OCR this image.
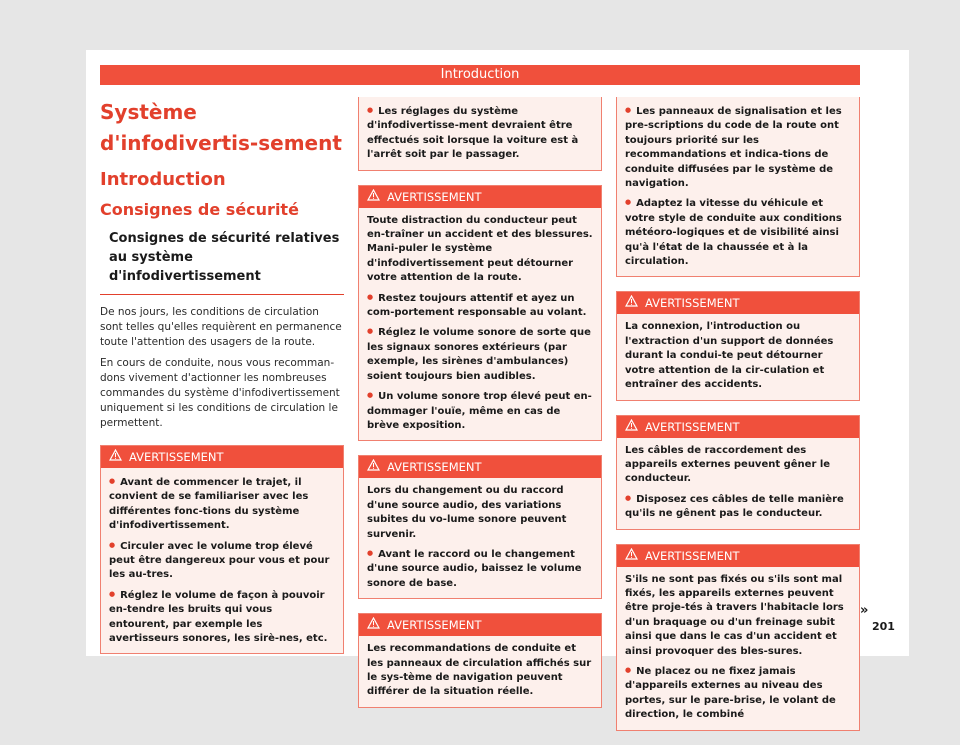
Introduction
Système d'infodivertis-sement
Introduction
Consignes de sécurité
Consignes de sécurité relatives au système d'infodivertissement

De nos jours, les conditions de circulation sont telles qu'elles requièrent en permanence toute l'attention des usagers de la route.

En cours de conduite, nous vous recomman-dons vivement d'actionner les nombreuses commandes du système d'infodivertissement uniquement si les conditions de circulation le permettent.

AVERTISSEMENT

● Avant de commencer le trajet, il convient de se familiariser avec les différentes fonc-tions du système d'infodivertissement.

● Circuler avec le volume trop élevé peut être dangereux pour vous et pour les au-tres.

● Réglez le volume de façon à pouvoir en-tendre les bruits qui vous entourent, par exemple les avertisseurs sonores, les sirè-nes, etc.

● Les réglages du système d'infodivertisse-ment devraient être effectués soit lorsque la voiture est à l'arrêt soit par le passager.

AVERTISSEMENT

Toute distraction du conducteur peut en-traîner un accident et des blessures. Mani-puler le système d'infodivertissement peut détourner votre attention de la route.

● Restez toujours attentif et ayez un com-portement responsable au volant.

● Réglez le volume sonore de sorte que les signaux sonores extérieurs (par exemple, les sirènes d'ambulances) soient toujours bien audibles.

● Un volume sonore trop élevé peut en-dommager l'ouïe, même en cas de brève exposition.

AVERTISSEMENT

Lors du changement ou du raccord d'une source audio, des variations subites du vo-lume sonore peuvent survenir.

● Avant le raccord ou le changement d'une source audio, baissez le volume sonore de base.

AVERTISSEMENT

Les recommandations de conduite et les panneaux de circulation affichés sur le sys-tème de navigation peuvent différer de la situation réelle.

● Les panneaux de signalisation et les pre-scriptions du code de la route ont toujours priorité sur les recommandations et indica-tions de conduite diffusées par le système de navigation.

● Adaptez la vitesse du véhicule et votre style de conduite aux conditions météoro-logiques et de visibilité ainsi qu'à l'état de la chaussée et à la circulation.

AVERTISSEMENT

La connexion, l'introduction ou l'extraction d'un support de données durant la condui-te peut détourner votre attention de la cir-culation et entraîner des accidents.

AVERTISSEMENT

Les câbles de raccordement des appareils externes peuvent gêner le conducteur.

● Disposez ces câbles de telle manière qu'ils ne gênent pas le conducteur.

AVERTISSEMENT

S'ils ne sont pas fixés ou s'ils sont mal fixés, les appareils externes peuvent être proje-tés à travers l'habitacle lors d'un braquage ou d'un freinage subit ainsi que dans le cas d'un accident et ainsi provoquer des bles-sures.

● Ne placez ou ne fixez jamais d'appareils externes au niveau des portes, sur le pare-brise, le volant de direction, le combiné

»
201
